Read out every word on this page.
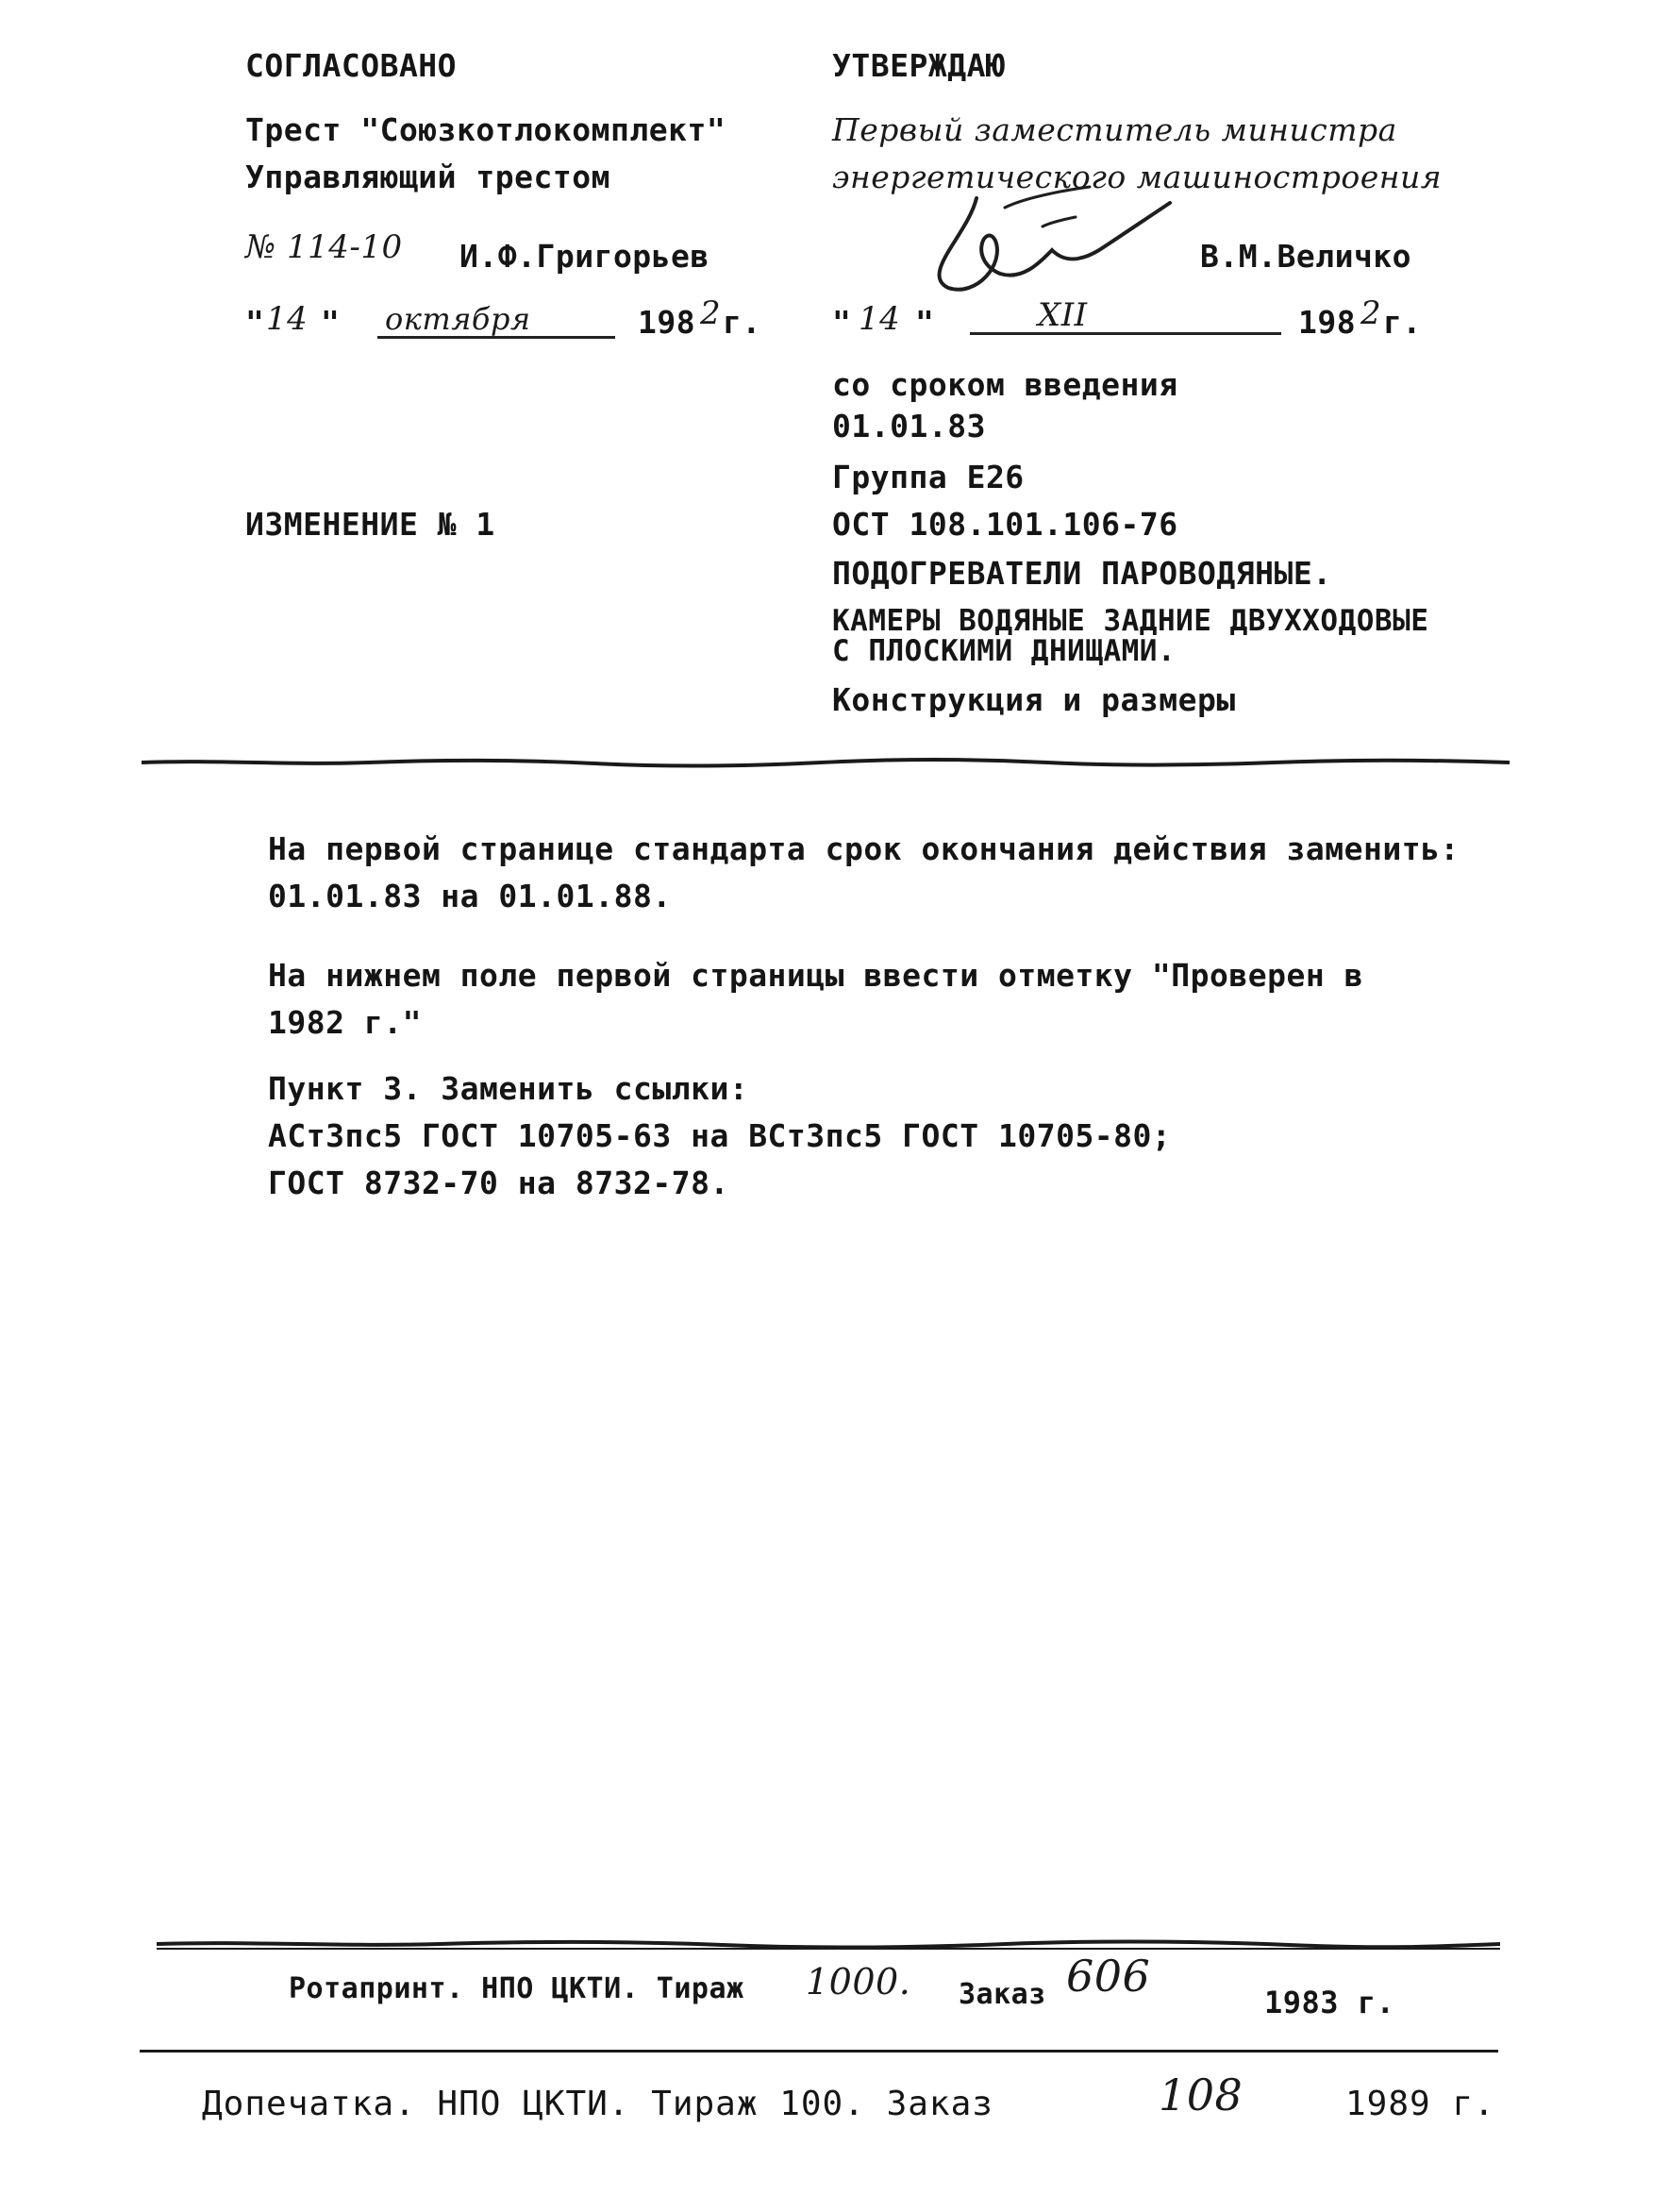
СОГЛАСОВАНО
Трест "Союзкотлокомплект"
Управляющий трестом
№ 114-10 И.Ф.Григорьев
" 14 " октября	198 2 г.
УТВЕРЖДАЮ
Первый заместитель министра
энергетического машиностроения
В.М.Величко
" 14 "	XII	198 2 г.
со сроком введения
01.01.83
Группа Е26
ИЗМЕНЕНИЕ № 1	ОСТ 108.101.106-76
ПОДОГРЕВАТЕЛИ ПАРОВОДЯНЫЕ.
КАМЕРЫ ВОДЯНЫЕ ЗАДНИЕ ДВУХХОДОВЫЕ
С ПЛОСКИМИ ДНИЩАМИ.
Конструкция и размеры
На первой странице стандарта срок окончания действия заменить:
01.01.83 на 01.01.88.
На нижнем поле первой страницы ввести отметку "Проверен в
1982 г."
Пункт 3. Заменить ссылки:
АСт3пс5 ГОСТ 10705-63 на ВСт3пс5 ГОСТ 10705-80;
ГОСТ 8732-70 на 8732-78.
Ротапринт. НПО ЦКТИ. Тираж 1000. Заказ 606
1983 г.
Допечатка. НПО ЦКТИ. Тираж 100. Заказ	108	1989 г.
